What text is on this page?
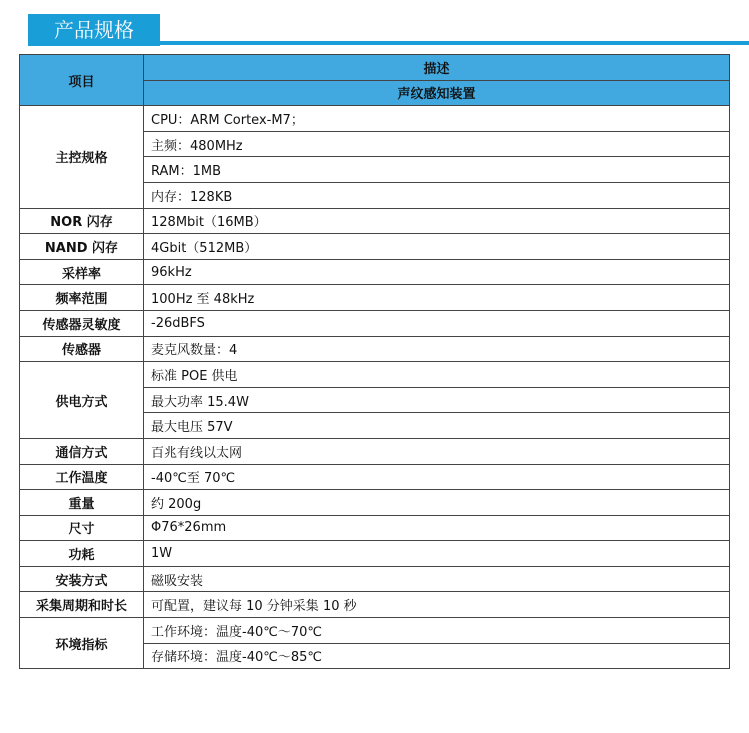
产品规格
项目	描述
	声纹感知装置
主控规格	CPU：ARM Cortex-M7；
	主频：480MHz
	RAM：1MB
	内存：128KB
NOR 闪存	128Mbit（16MB）
NAND 闪存	4Gbit（512MB）
采样率	96kHz
频率范围	100Hz 至 48kHz
传感器灵敏度	-26dBFS
传感器	麦克风数量：4
供电方式	标准 POE 供电
	最大功率 15.4W
	最大电压 57V
通信方式	百兆有线以太网
工作温度	-40℃至 70℃
重量	约 200g
尺寸	Φ76*26mm
功耗	1W
安装方式	磁吸安装
采集周期和时长	可配置，建议每 10 分钟采集 10 秒
环境指标	工作环境：温度-40℃～70℃
	存储环境：温度-40℃～85℃
